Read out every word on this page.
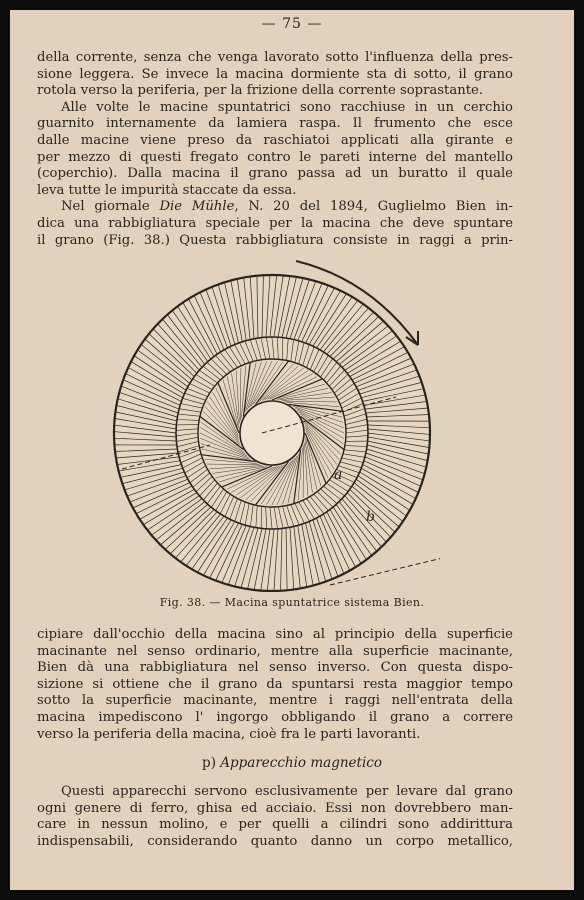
— 75 —
della corrente, senza che venga lavorato sotto l'influenza della pres-
sione leggera. Se invece la macina dormiente sta di sotto, il grano
rotola verso la periferia, per la frizione della corrente soprastante.
Alle volte le macine spuntatrici sono racchiuse in un cerchio
guarnito internamente da lamiera raspa. Il frumento che esce
dalle macine viene preso da raschiatoi applicati alla girante e
per mezzo di questi fregato contro le pareti interne del mantello
(coperchio). Dalla macina il grano passa ad un buratto il quale
leva tutte le impurità staccate da essa.
Nel giornale Die Mühle, N. 20 del 1894, Guglielmo Bien in-
dica una rabbigliatura speciale per la macina che deve spuntare
il grano (Fig. 38.) Questa rabbigliatura consiste in raggi a prin-
a
b
Fig. 38. — Macina spuntatrice sistema Bien.
cipiare dall'occhio della macina sino al principio della superficie
macinante nel senso ordinario, mentre alla superficie macinante,
Bien dà una rabbigliatura nel senso inverso. Con questa dispo-
sizione si ottiene che il grano da spuntarsi resta maggior tempo
sotto la superficie macinante, mentre i raggi nell'entrata della
macina impediscono l' ingorgo obbligando il grano a correre
verso la periferia della macina, cioè fra le parti lavoranti.
p) Apparecchio magnetico
Questi apparecchi servono esclusivamente per levare dal grano
ogni genere di ferro, ghisa ed acciaio. Essi non dovrebbero man-
care in nessun molino, e per quelli a cilindri sono addirittura
indispensabili, considerando quanto danno un corpo metallico,
